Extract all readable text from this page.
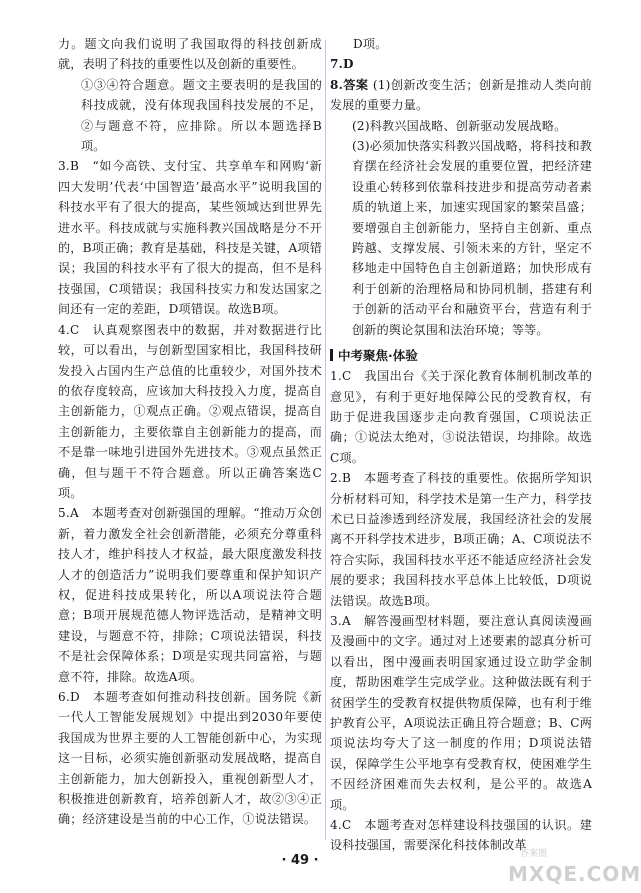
力。题文向我们说明了我国取得的科技创新成就，表明了科技的重要性以及创新的重要性。

①③④符合题意。题文主要表明的是我国的科技成就，没有体现我国科技发展的不足，②与题意不符，应排除。所以本题选择B项。

3.B　“如今高铁、支付宝、共享单车和网购‘新四大发明’代表‘中国智造’最高水平”说明我国的科技水平有了很大的提高，某些领域达到世界先进水平。科技成就与实施科教兴国战略是分不开的，B项正确；教育是基础，科技是关键，A项错误；我国的科技水平有了很大的提高，但不是科技强国，C项错误；我国科技实力和发达国家之间还有一定的差距，D项错误。故选B项。

4.C　认真观察图表中的数据，并对数据进行比较，可以看出，与创新型国家相比，我国科技研发投入占国内生产总值的比重较少，对国外技术的依存度较高，应该加大科技投入力度，提高自主创新能力，①观点正确。②观点错误，提高自主创新能力，主要依靠自主创新能力的提高，而不是靠一味地引进国外先进技术。③观点虽然正确，但与题干不符合题意。所以正确答案选C项。

5.A　本题考查对创新强国的理解。“推动万众创新，着力激发全社会创新潜能，必须充分尊重科技人才，维护科技人才权益，最大限度激发科技人才的创造活力”说明我们要尊重和保护知识产权，促进科技成果转化，所以A项说法符合题意；B项开展规范德人物评选活动，是精神文明建设，与题意不符，排除；C项说法错误，科技不是社会保障体系；D项是实现共同富裕，与题意不符，排除。故选A项。

6.D　本题考查如何推动科技创新。国务院《新一代人工智能发展规划》中提出到2030年要使我国成为世界主要的人工智能创新中心，为实现这一目标，必须实施创新驱动发展战略，提高自主创新能力，加大创新投入，重视创新型人才，积极推进创新教育，培养创新人才，故②③④正确；经济建设是当前的中心工作，①说法错误。

D项。

7.D

8.答案 (1)创新改变生活；创新是推动人类向前发展的重要力量。

(2)科教兴国战略、创新驱动发展战略。

(3)必须加快落实科教兴国战略，将科技和教育摆在经济社会发展的重要位置，把经济建设重心转移到依靠科技进步和提高劳动者素质的轨道上来，加速实现国家的繁荣昌盛；要增强自主创新能力，坚持自主创新、重点跨越、支撑发展、引领未来的方针，坚定不移地走中国特色自主创新道路；加快形成有利于创新的治理格局和协同机制，搭建有利于创新的活动平台和融资平台，营造有利于创新的舆论氛围和法治环境；等等。

中考聚焦·体验

1.C　我国出台《关于深化教育体制机制改革的意见》，有利于更好地保障公民的受教育权，有助于促进我国逐步走向教育强国，C项说法正确；①说法太绝对，③说法错误，均排除。故选C项。

2.B　本题考查了科技的重要性。依据所学知识分析材料可知，科学技术是第一生产力，科学技术已日益渗透到经济发展，我国经济社会的发展离不开科学技术进步，B项正确；A、C项说法不符合实际，我国科技水平还不能适应经济社会发展的要求；我国科技水平总体上比较低，D项说法错误。故选B项。

3.A　解答漫画型材料题，要注意认真阅读漫画及漫画中的文字。通过对上述要素的認真分析可以看出，图中漫画表明国家通过设立助学金制度，帮助困难学生完成学业。这种做法既有利于贫困学生的受教育权提供物质保障，也有利于维护教育公平，A项说法正确且符合题意；B、C两项说法均夸大了这一制度的作用；D项说法错误，保障学生公平地享有受教育权，使困难学生不因经济困难而失去权利，是公平的。故选A项。

4.C　本题考查对怎样建设科技强国的认识。建设科技强国，需要深化科技体制改革

· 49 ·	答案圈
MXQE.COM
